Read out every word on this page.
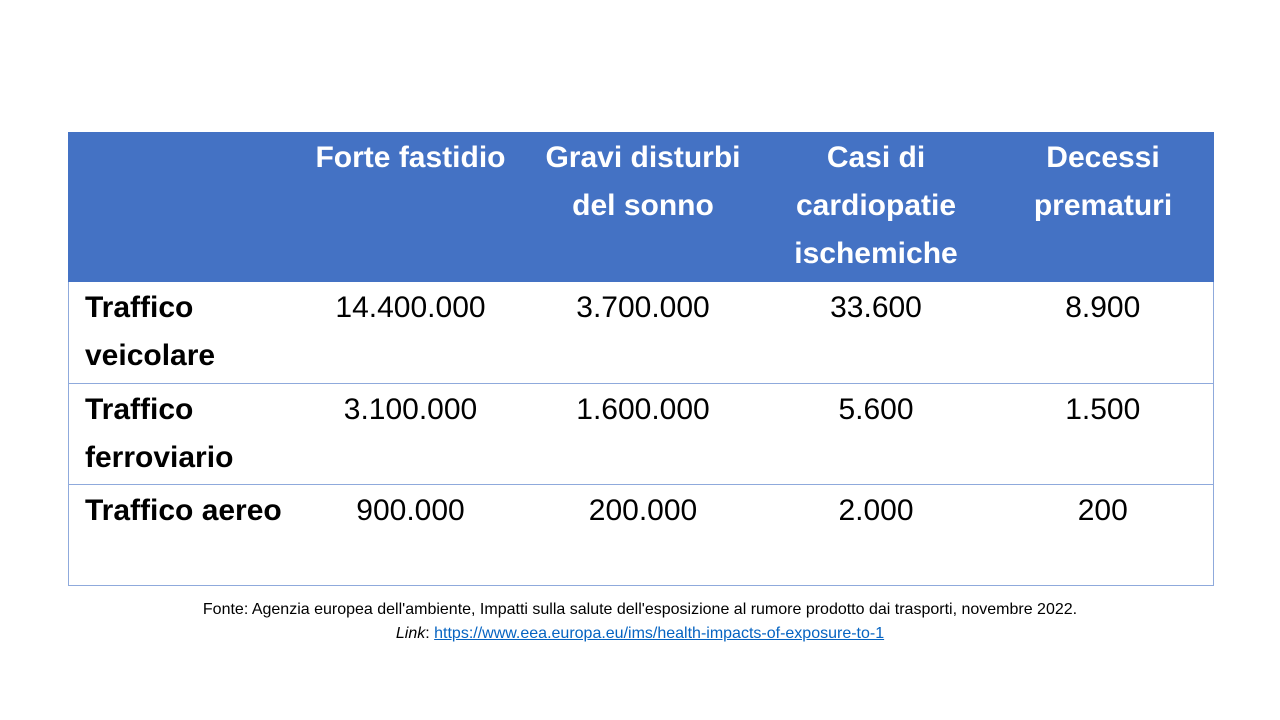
	Forte fastidio	Gravi disturbi del sonno	Casi di cardiopatie ischemiche	Decessi prematuri
Traffico veicolare	14.400.000	3.700.000	33.600	8.900
Traffico ferroviario	3.100.000	1.600.000	5.600	1.500
Traffico aereo	900.000	200.000	2.000	200
Fonte: Agenzia europea dell'ambiente, Impatti sulla salute dell'esposizione al rumore prodotto dai trasporti, novembre 2022.
Link: https://www.eea.europa.eu/ims/health-impacts-of-exposure-to-1
